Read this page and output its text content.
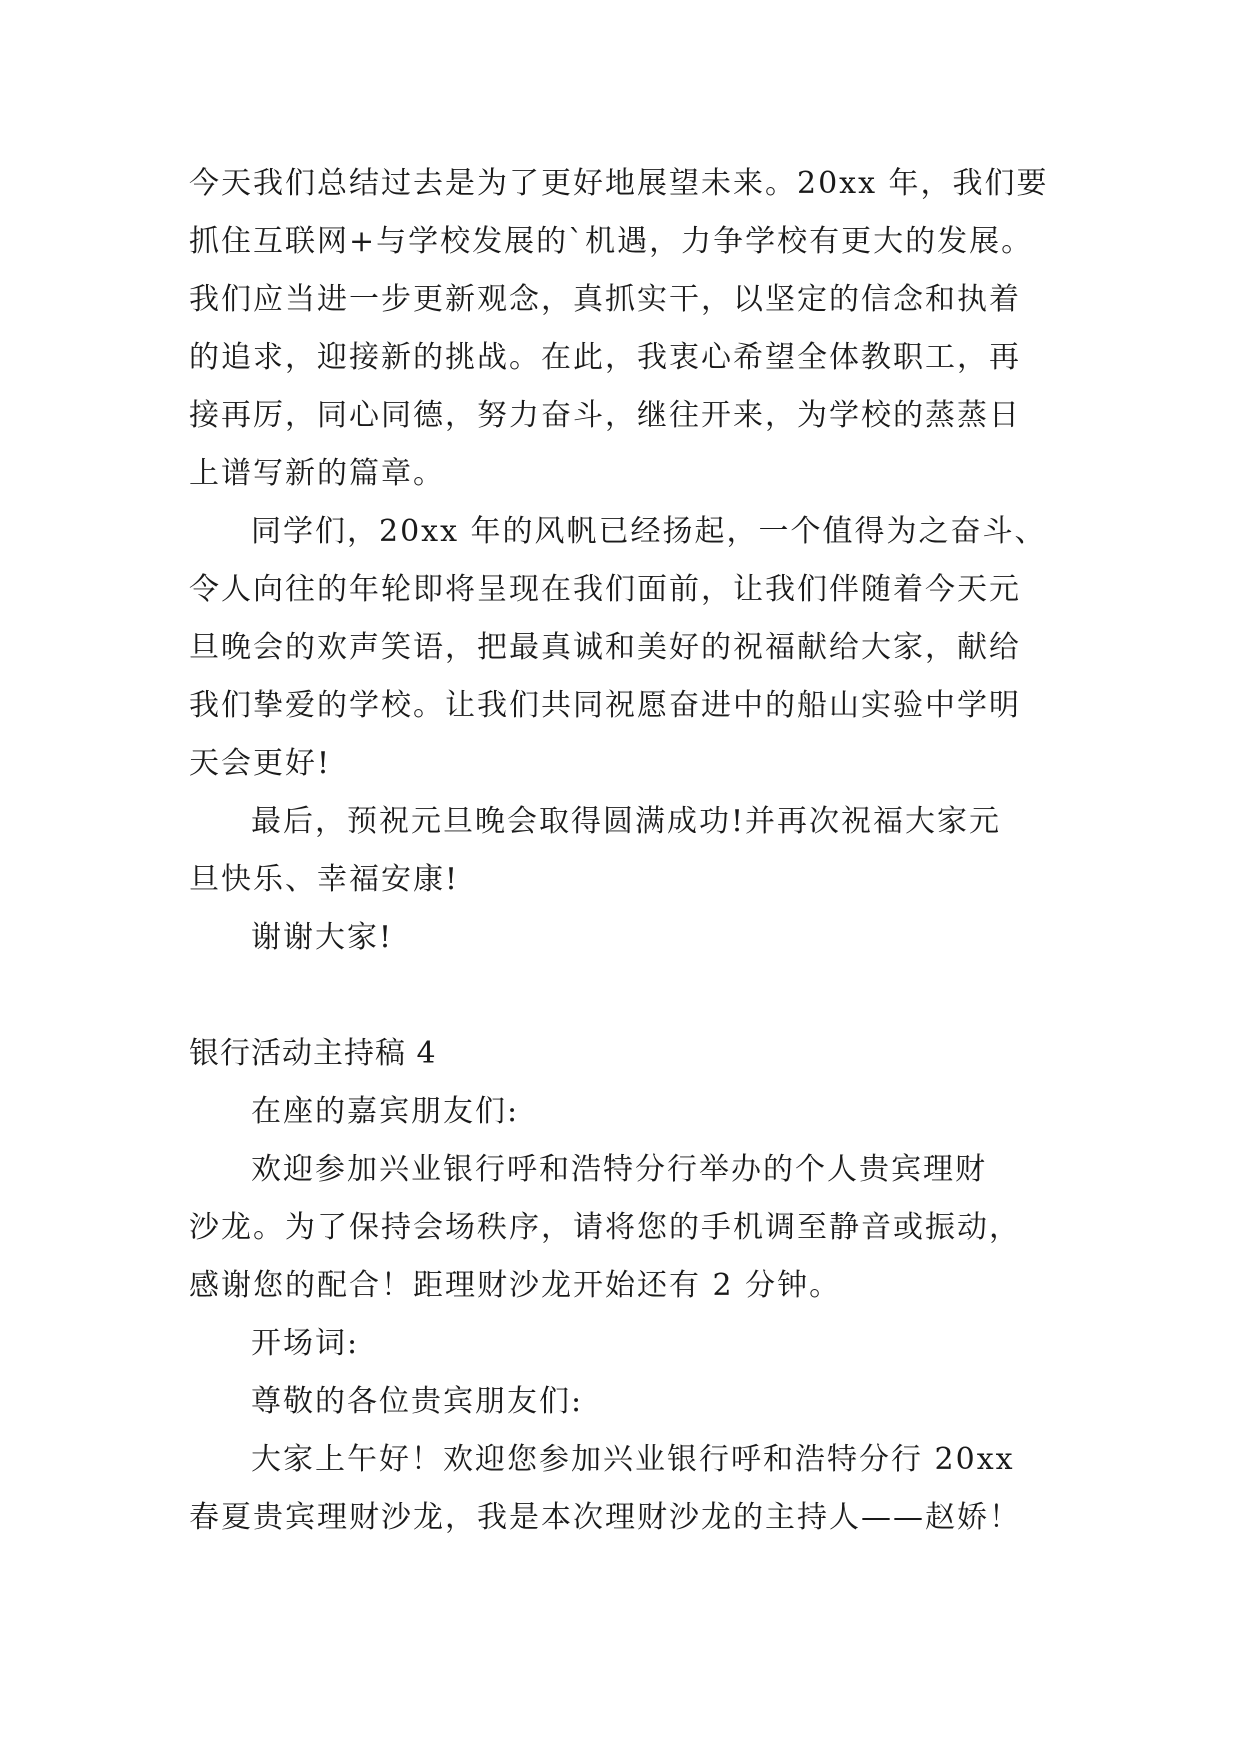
今天我们总结过去是为了更好地展望未来。20xx 年，我们要
抓住互联网+与学校发展的`机遇，力争学校有更大的发展。
我们应当进一步更新观念，真抓实干，以坚定的信念和执着
的追求，迎接新的挑战。在此，我衷心希望全体教职工，再
接再厉，同心同德，努力奋斗，继往开来，为学校的蒸蒸日
上谱写新的篇章。
同学们，20xx 年的风帆已经扬起，一个值得为之奋斗、
令人向往的年轮即将呈现在我们面前，让我们伴随着今天元
旦晚会的欢声笑语，把最真诚和美好的祝福献给大家，献给
我们挚爱的学校。让我们共同祝愿奋进中的船山实验中学明
天会更好!
最后，预祝元旦晚会取得圆满成功!并再次祝福大家元
旦快乐、幸福安康!
谢谢大家!
银行活动主持稿 4
在座的嘉宾朋友们:
欢迎参加兴业银行呼和浩特分行举办的个人贵宾理财
沙龙。为了保持会场秩序，请将您的手机调至静音或振动，
感谢您的配合！距理财沙龙开始还有 2 分钟。
开场词:
尊敬的各位贵宾朋友们:
大家上午好！欢迎您参加兴业银行呼和浩特分行 20xx
春夏贵宾理财沙龙，我是本次理财沙龙的主持人——赵娇！
